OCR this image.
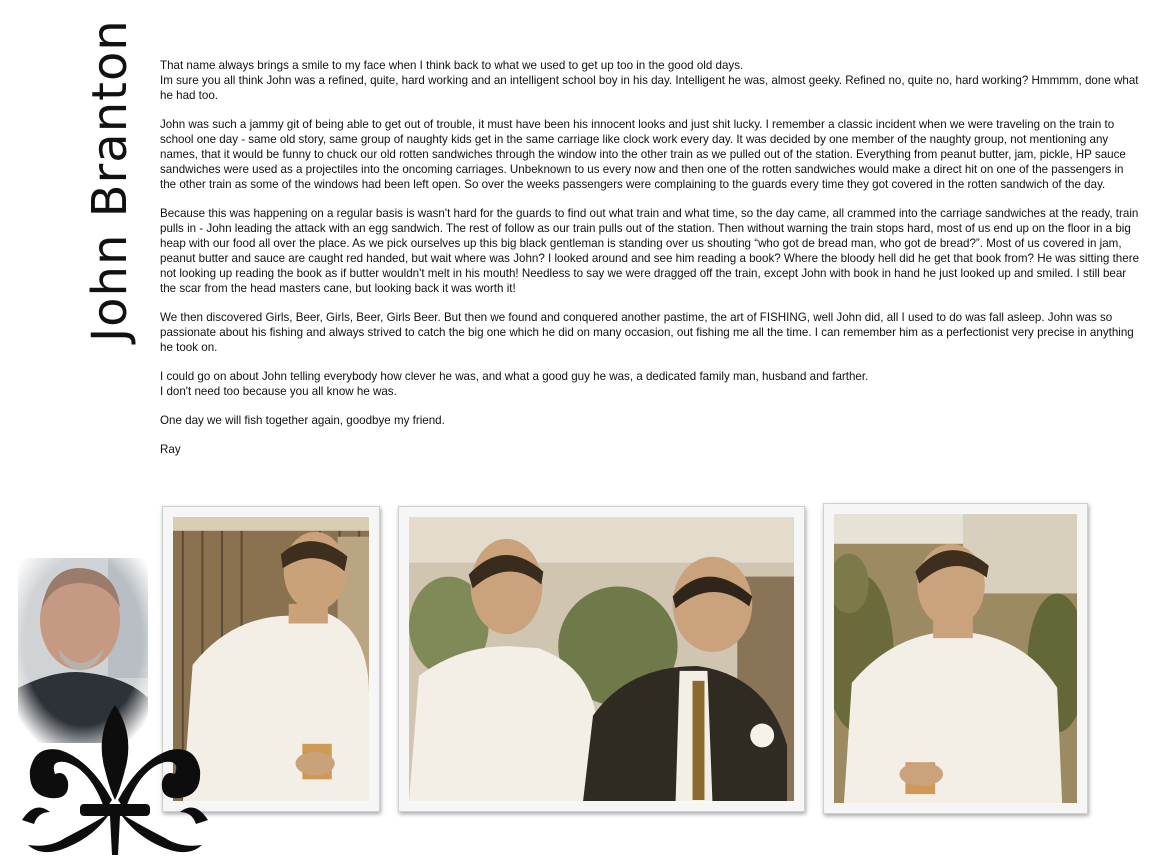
John Branton That name always brings a smile to my face when I think back to what we used to get up too in the good old days.
Im sure you all think John was a refined, quite, hard working and an intelligent school boy in his day. Intelligent he was, almost geeky. Refined no, quite no, hard working? Hmmmm, done what he had too.

John was such a jammy git of being able to get out of trouble, it must have been his innocent looks and just shit lucky. I remember a classic incident when we were traveling on the train to school one day - same old story, same group of naughty kids get in the same carriage like clock work every day. It was decided by one member of the naughty group, not mentioning any names, that it would be funny to chuck our old rotten sandwiches through the window into the other train as we pulled out of the station. Everything from peanut butter, jam, pickle, HP sauce sandwiches were used as a projectiles into the oncoming carriages. Unbeknown to us every now and then one of the rotten sandwiches would make a direct hit on one of the passengers in the other train as some of the windows had been left open. So over the weeks passengers were complaining to the guards every time they got covered in the rotten sandwich of the day.

Because this was happening on a regular basis is wasn't hard for the guards to find out what train and what time, so the day came, all crammed into the carriage sandwiches at the ready, train pulls in - John leading the attack with an egg sandwich. The rest of follow as our train pulls out of the station. Then without warning the train stops hard, most of us end up on the floor in a big heap with our food all over the place. As we pick ourselves up this big black gentleman is standing over us shouting “who got de bread man, who got de bread?”. Most of us covered in jam, peanut butter and sauce are caught red handed, but wait where was John? I looked around and see him reading a book? Where the bloody hell did he get that book from? He was sitting there not looking up reading the book as if butter wouldn't melt in his mouth! Needless to say we were dragged off the train, except John with book in hand he just looked up and smiled. I still bear the scar from the head masters cane, but looking back it was worth it!

We then discovered Girls, Beer, Girls, Beer, Girls Beer. But then we found and conquered another pastime, the art of FISHING, well John did, all I used to do was fall asleep. John was so passionate about his fishing and always strived to catch the big one which he did on many occasion, out fishing me all the time. I can remember him as a perfectionist very precise in anything he took on.

I could go on about John telling everybody how clever he was, and what a good guy he was, a dedicated family man, husband and farther.
I don't need too because you all know he was.

One day we will fish together again, goodbye my friend.

Ray
